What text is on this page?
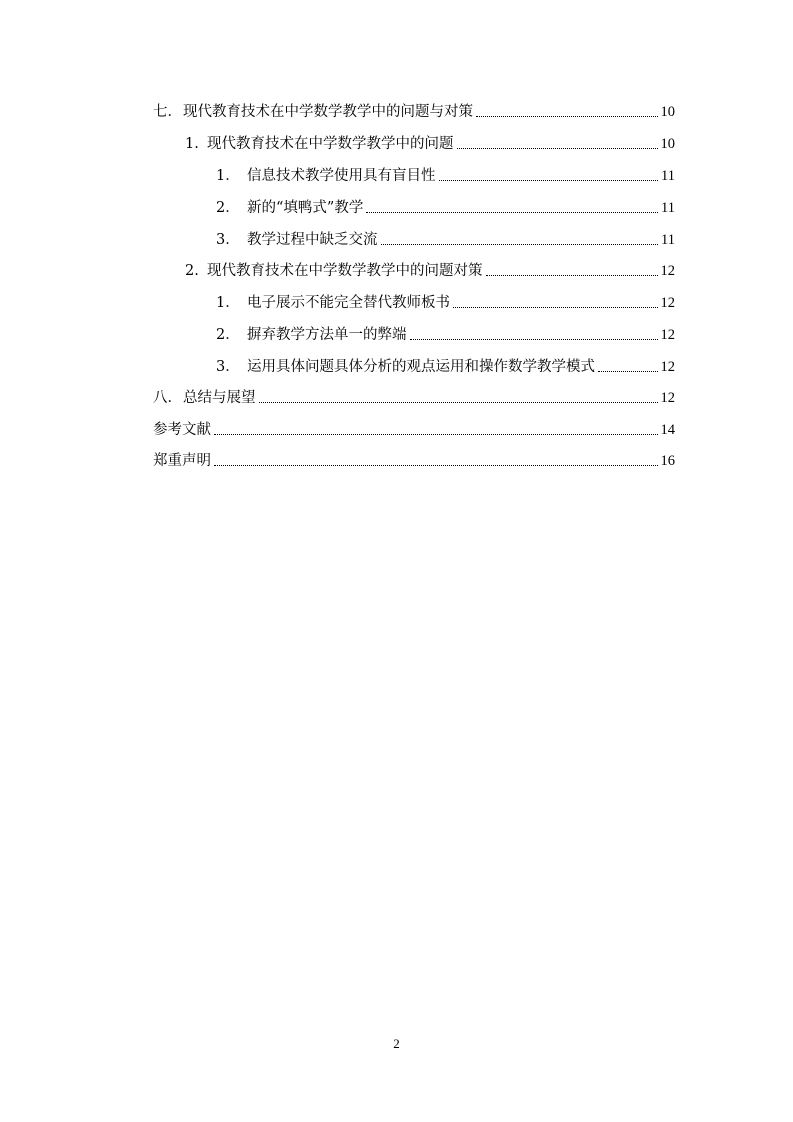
七．现代教育技术在中学数学教学中的问题与对策	10
1. 现代教育技术在中学数学教学中的问题	10
1． 信息技术教学使用具有盲目性	11
2． 新的“填鸭式”教学	11
3． 教学过程中缺乏交流	11
2. 现代教育技术在中学数学教学中的问题对策	12
1． 电子展示不能完全替代教师板书	12
2． 摒弃教学方法单一的弊端	12
3． 运用具体问题具体分析的观点运用和操作数学教学模式	12
八．总结与展望	12
参考文献	14
郑重声明	16
2
